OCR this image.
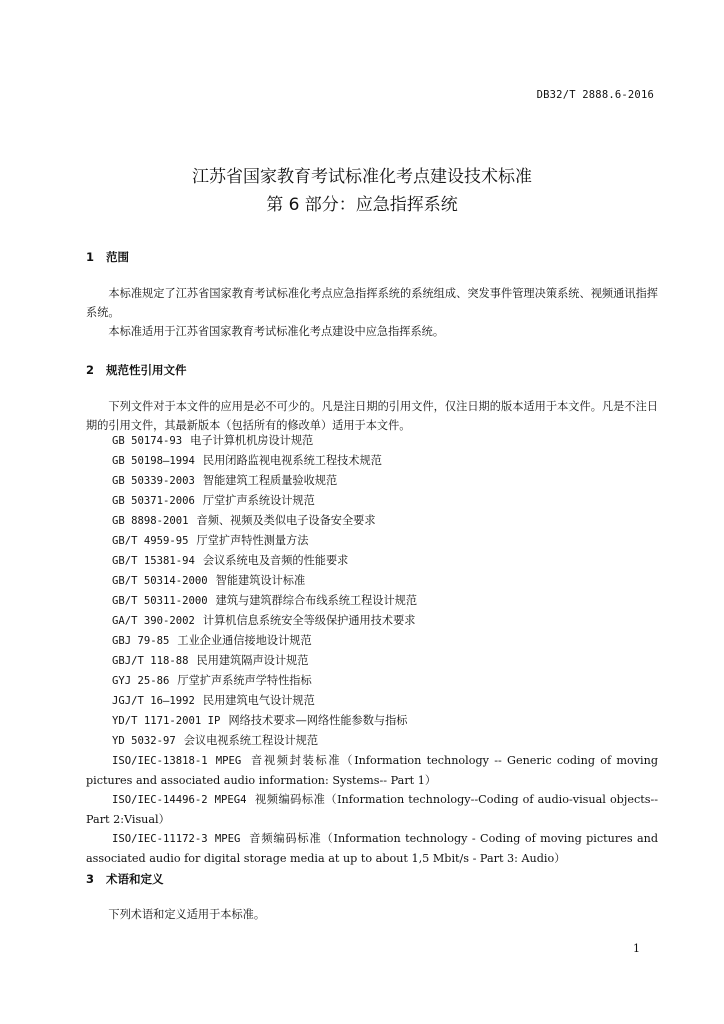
DB32/T 2888.6-2016
江苏省国家教育考试标准化考点建设技术标准
第 6 部分：应急指挥系统
1 范围

本标准规定了江苏省国家教育考试标准化考点应急指挥系统的系统组成、突发事件管理决策系统、视频通讯指挥系统。

本标准适用于江苏省国家教育考试标准化考点建设中应急指挥系统。

2 规范性引用文件

下列文件对于本文件的应用是必不可少的。凡是注日期的引用文件，仅注日期的版本适用于本文件。凡是不注日期的引用文件，其最新版本（包括所有的修改单）适用于本文件。

GB 50174-93 电子计算机机房设计规范
GB 50198—1994 民用闭路监视电视系统工程技术规范
GB 50339-2003 智能建筑工程质量验收规范
GB 50371-2006 厅堂扩声系统设计规范
GB 8898-2001 音频、视频及类似电子设备安全要求
GB/T 4959-95 厅堂扩声特性测量方法
GB/T 15381-94 会议系统电及音频的性能要求
GB/T 50314-2000 智能建筑设计标准
GB/T 50311-2000 建筑与建筑群综合布线系统工程设计规范
GA/T 390-2002 计算机信息系统安全等级保护通用技术要求
GBJ 79-85 工业企业通信接地设计规范
GBJ/T 118-88 民用建筑隔声设计规范
GYJ 25-86 厅堂扩声系统声学特性指标
JGJ/T 16—1992 民用建筑电气设计规范
YD/T 1171-2001 IP 网络技术要求—网络性能参数与指标
YD 5032-97 会议电视系统工程设计规范
ISO/IEC-13818-1 MPEG 音视频封装标准（Information technology -- Generic coding of moving pictures and associated audio information: Systems-- Part 1）
ISO/IEC-14496-2 MPEG4 视频编码标准（Information technology--Coding of audio-visual objects--Part 2:Visual）
ISO/IEC-11172-3 MPEG 音频编码标准（Information technology - Coding of moving pictures and associated audio for digital storage media at up to about 1,5 Mbit/s - Part 3: Audio）
3 术语和定义

下列术语和定义适用于本标准。

1
